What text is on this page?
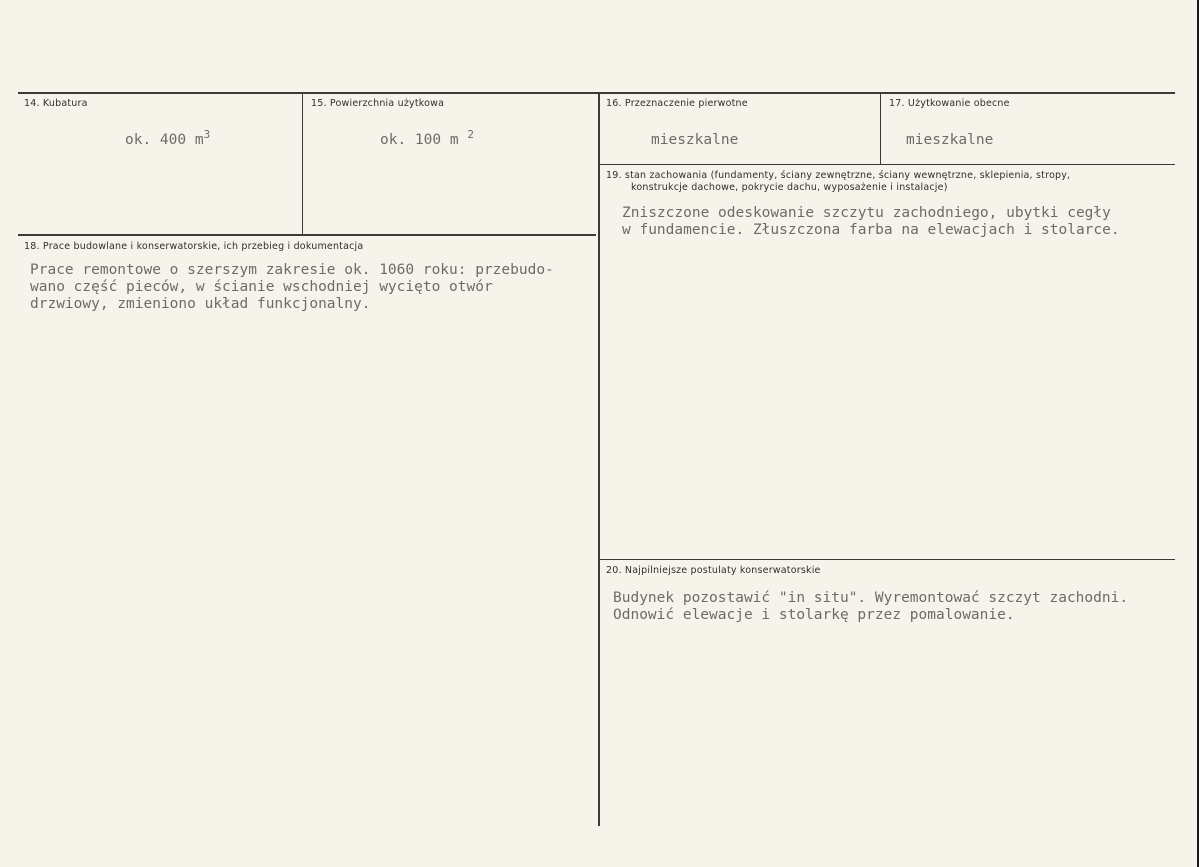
14. Kubatura
ok. 400 $m^3$
15. Powierzchnia użytkowa
ok. 100 m $^2$
16. Przeznaczenie pierwotne
mieszkalne
17. Użytkowanie obecne
mieszkalne
18. Prace budowlane i konserwatorskie, ich przebieg i dokumentacja
Prace remontowe o szerszym zakresie ok. 1060 roku: przebudo-
wano część pieców, w ścianie wschodniej wycięto otwór
drzwiowy, zmieniono układ funkcjonalny.
19. stan zachowania (fundamenty, ściany zewnętrzne, ściany wewnętrzne, sklepienia, stropy,
konstrukcje dachowe, pokrycie dachu, wyposażenie i instalacje)
Zniszczone odeskowanie szczytu zachodniego, ubytki cegły
w fundamencie. Złuszczona farba na elewacjach i stolarce.
20. Najpilniejsze postulaty konserwatorskie
Budynek pozostawić "in situ". Wyremontować szczyt zachodni.
Odnowić elewacje i stolarkę przez pomalowanie.
